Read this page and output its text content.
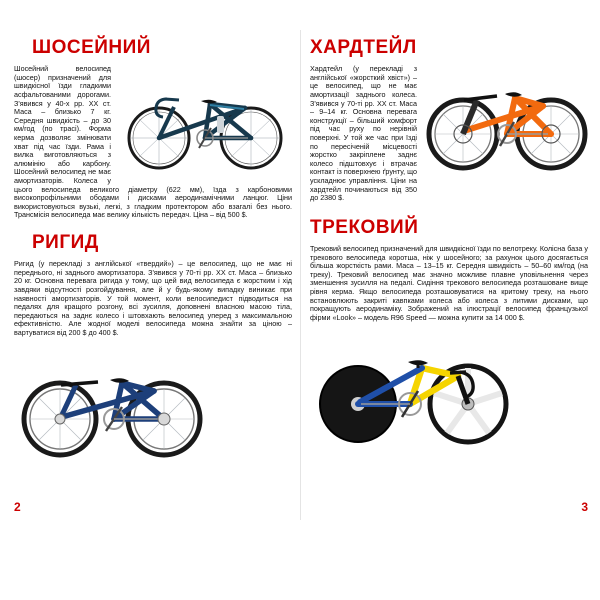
ШОСЕЙНИЙ

Шосейний велосипед (шосер) призначений для швидкісної їзди гладкими асфальтованими дорогами. З'явився у 40-х рр. XX ст. Маса – близько 7 кг. Середня швидкість – до 30 км/год (по трасі). Форма керма дозволяє змінювати хват під час їзди. Рама і вилка виготовляються з алюмінію або карбону. Шосейний велосипед не має амортизаторів. Колеса у цього велосипеда великого діаметру (622 мм), їзда з карбоновими високопрофільними ободами і дисками аеродинамічними ланцюг. Ціни використовуються вузькі, легкі, з гладким протектором або взагалі без нього. Трансмісія велосипеда має велику кількість передач. Ціна – від 500 $.

РИГИД

Ригид (у перекладі з англійської «твердий») – це велосипед, що не має ні переднього, ні заднього амортизатора. З'явився у 70-ті рр. XX ст. Маса – близько 20 кг. Основна перевага ригида у тому, що цей вид велосипеда є жорстким і хід завдяки відсутності розгойдування, але й у будь-якому випадку виникає при наявності амортизаторів. У той момент, коли велосипедист підводиться на педалях для кращого розгону, всі зусилля, доповнені власною масою тіла, передаються на заднє колесо і штовхають велосипед уперед з максимальною ефективністю. Але жодної моделі велосипеда можна знайти за ціною – вартуватися від 200 $ до 400 $.

2
ХАРДТЕЙЛ

Хардтейл (у перекладі з англійської «жорсткий хвіст») – це велосипед, що не має амортизації заднього колеса. З'явився у 70-ті рр. XX ст. Маса – 9–14 кг. Основна перевага конструкції – більший комфорт під час руху по нерівній поверхні. У той же час при їзді по пересіченій місцевості жорстко закріплене заднє колесо підштовхує і втрачає контакт із поверхнею ґрунту, що ускладнює управління. Ціни на хардтейл починаються від 350 до 2380 $.

ТРЕКОВИЙ

Трековий велосипед призначений для швидкісної їзди по велотреку. Колісна база у трекового велосипеда коротша, ніж у шосейного; за рахунок цього досягається більша жорсткість рами. Маса – 13–15 кг. Середня швидкість – 50–60 км/год (на треку). Трековий велосипед має значно можливе плавне уповільнення через зменшення зусилля на педалі. Сидіння трекового велосипеда розташоване вище рівня керма. Якщо велосипеда розташовуватися на критому треку, на нього встановлюють закриті кавпками колеса або колеса з литими дисками, що покращують аеродинаміку. Зображений на ілюстрації велосипед французької фірми «Look» – модель R96 Speed — можна купити за 14 000 $.

3
